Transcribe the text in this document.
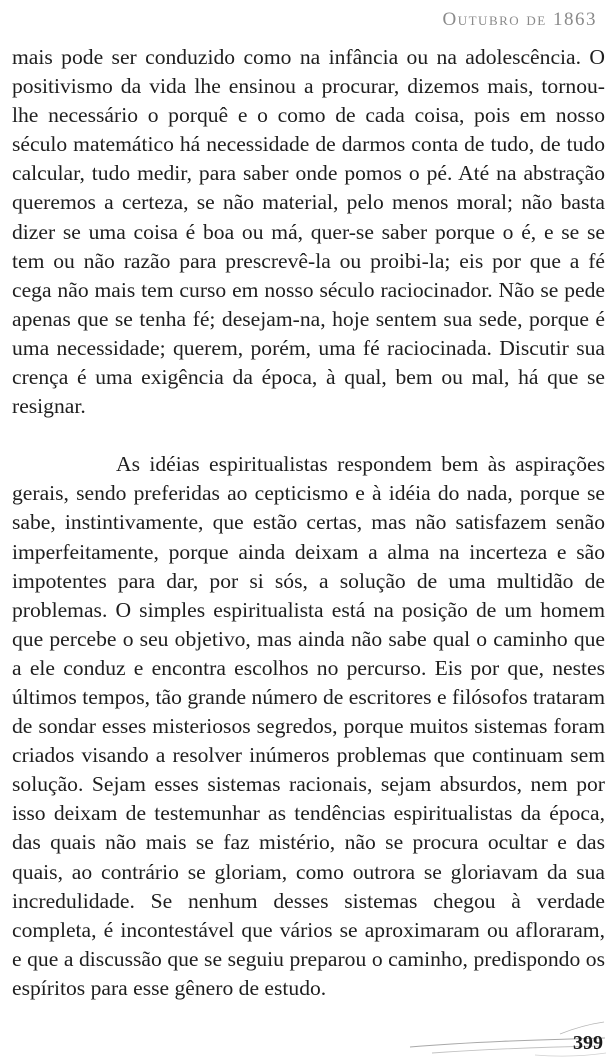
Outubro de 1863

mais pode ser conduzido como na infância ou na adolescência. O positivismo da vida lhe ensinou a procurar, dizemos mais, tornou-lhe necessário o porquê e o como de cada coisa, pois em nosso século matemático há necessidade de darmos conta de tudo, de tudo calcular, tudo medir, para saber onde pomos o pé. Até na abstração queremos a certeza, se não material, pelo menos moral; não basta dizer se uma coisa é boa ou má, quer-se saber porque o é, e se se tem ou não razão para prescrevê-la ou proibi-la; eis por que a fé cega não mais tem curso em nosso século raciocinador. Não se pede apenas que se tenha fé; desejam-na, hoje sentem sua sede, porque é uma necessidade; querem, porém, uma fé raciocinada. Discutir sua crença é uma exigência da época, à qual, bem ou mal, há que se resignar.

As idéias espiritualistas respondem bem às aspirações gerais, sendo preferidas ao cepticismo e à idéia do nada, porque se sabe, instintivamente, que estão certas, mas não satisfazem senão imperfeitamente, porque ainda deixam a alma na incerteza e são impotentes para dar, por si sós, a solução de uma multidão de problemas. O simples espiritualista está na posição de um homem que percebe o seu objetivo, mas ainda não sabe qual o caminho que a ele conduz e encontra escolhos no percurso. Eis por que, nestes últimos tempos, tão grande número de escritores e filósofos trataram de sondar esses misteriosos segredos, porque muitos sistemas foram criados visando a resolver inúmeros problemas que continuam sem solução. Sejam esses sistemas racionais, sejam absurdos, nem por isso deixam de testemunhar as tendências espiritualistas da época, das quais não mais se faz mistério, não se procura ocultar e das quais, ao contrário se gloriam, como outrora se gloriavam da sua incredulidade. Se nenhum desses sistemas chegou à verdade completa, é incontestável que vários se aproximaram ou afloraram, e que a discussão que se seguiu preparou o caminho, predispondo os espíritos para esse gênero de estudo.

399
